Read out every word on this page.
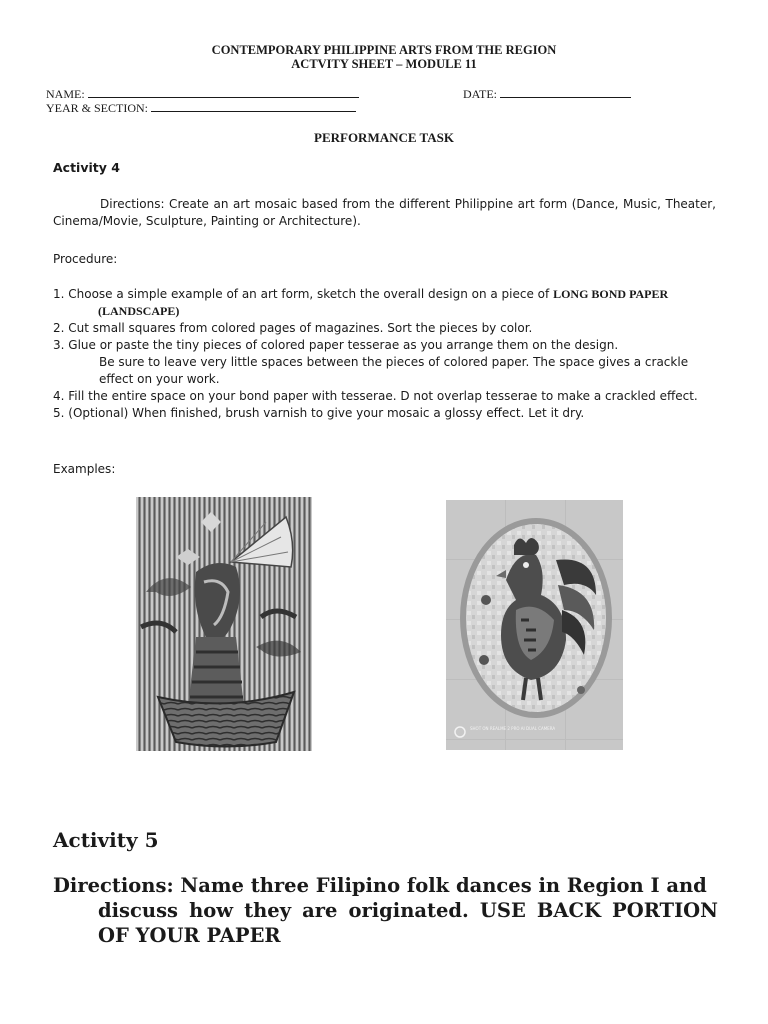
CONTEMPORARY PHILIPPINE ARTS FROM THE REGION
ACTVITY SHEET – MODULE 11
NAME:
YEAR & SECTION:
DATE:
PERFORMANCE TASK
Activity 4
Directions: Create an art mosaic based from the different Philippine art form (Dance, Music, Theater, Cinema/Movie, Sculpture, Painting or Architecture).
Procedure:
1. Choose a simple example of an art form, sketch the overall design on a piece of LONG BOND PAPER (LANDSCAPE)
2. Cut small squares from colored pages of magazines. Sort the pieces by color.
3. Glue or paste the tiny pieces of colored paper tesserae as you arrange them on the design.
Be sure to leave very little spaces between the pieces of colored paper. The space gives a crackle effect on your work.
4. Fill the entire space on your bond paper with tesserae. D not overlap tesserae to make a crackled effect.
5. (Optional) When finished, brush varnish to give your mosaic a glossy effect. Let it dry.
Examples:
SHOT ON REALME 2 PRO AI DUAL CAMERA
Activity 5
Directions: Name three Filipino folk dances in Region I and
discuss how they are originated. USE BACK PORTION OF YOUR PAPER
